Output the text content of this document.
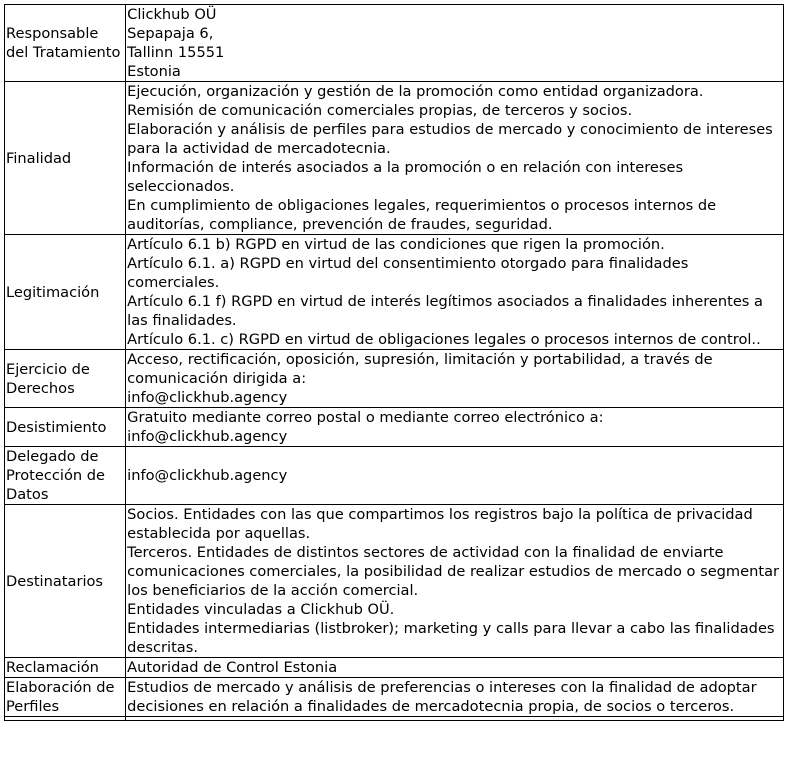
Responsable del Tratamiento	Clickhub OÜ
Sepapaja 6,
Tallinn 15551
Estonia

Finalidad	Ejecución, organización y gestión de la promoción como entidad organizadora.
Remisión de comunicación comerciales propias, de terceros y socios.
Elaboración y análisis de perfiles para estudios de mercado y conocimiento de intereses para la actividad de mercadotecnia.
Información de interés asociados a la promoción o en relación con intereses seleccionados.
En cumplimiento de obligaciones legales, requerimientos o procesos internos de auditorías, compliance, prevención de fraudes, seguridad.

Legitimación	Artículo 6.1 b) RGPD en virtud de las condiciones que rigen la promoción.
Artículo 6.1. a) RGPD en virtud del consentimiento otorgado para finalidades comerciales.
Artículo 6.1 f) RGPD en virtud de interés legítimos asociados a finalidades inherentes a las finalidades.
Artículo 6.1. c) RGPD en virtud de obligaciones legales o procesos internos de control..

Ejercicio de Derechos	Acceso, rectificación, oposición, supresión, limitación y portabilidad, a través de comunicación dirigida a:
info@clickhub.agency

Desistimiento	Gratuito mediante correo postal o mediante correo electrónico a:
info@clickhub.agency

Delegado de Protección de Datos	info@clickhub.agency

Destinatarios	Socios. Entidades con las que compartimos los registros bajo la política de privacidad establecida por aquellas.
Terceros. Entidades de distintos sectores de actividad con la finalidad de enviarte comunicaciones comerciales, la posibilidad de realizar estudios de mercado o segmentar los beneficiarios de la acción comercial.
Entidades vinculadas a Clickhub OÜ.
Entidades intermediarias (listbroker); marketing y calls para llevar a cabo las finalidades descritas.

Reclamación	Autoridad de Control Estonia

Elaboración de Perfiles	Estudios de mercado y análisis de preferencias o intereses con la finalidad de adoptar decisiones en relación a finalidades de mercadotecnia propia, de socios o terceros.
